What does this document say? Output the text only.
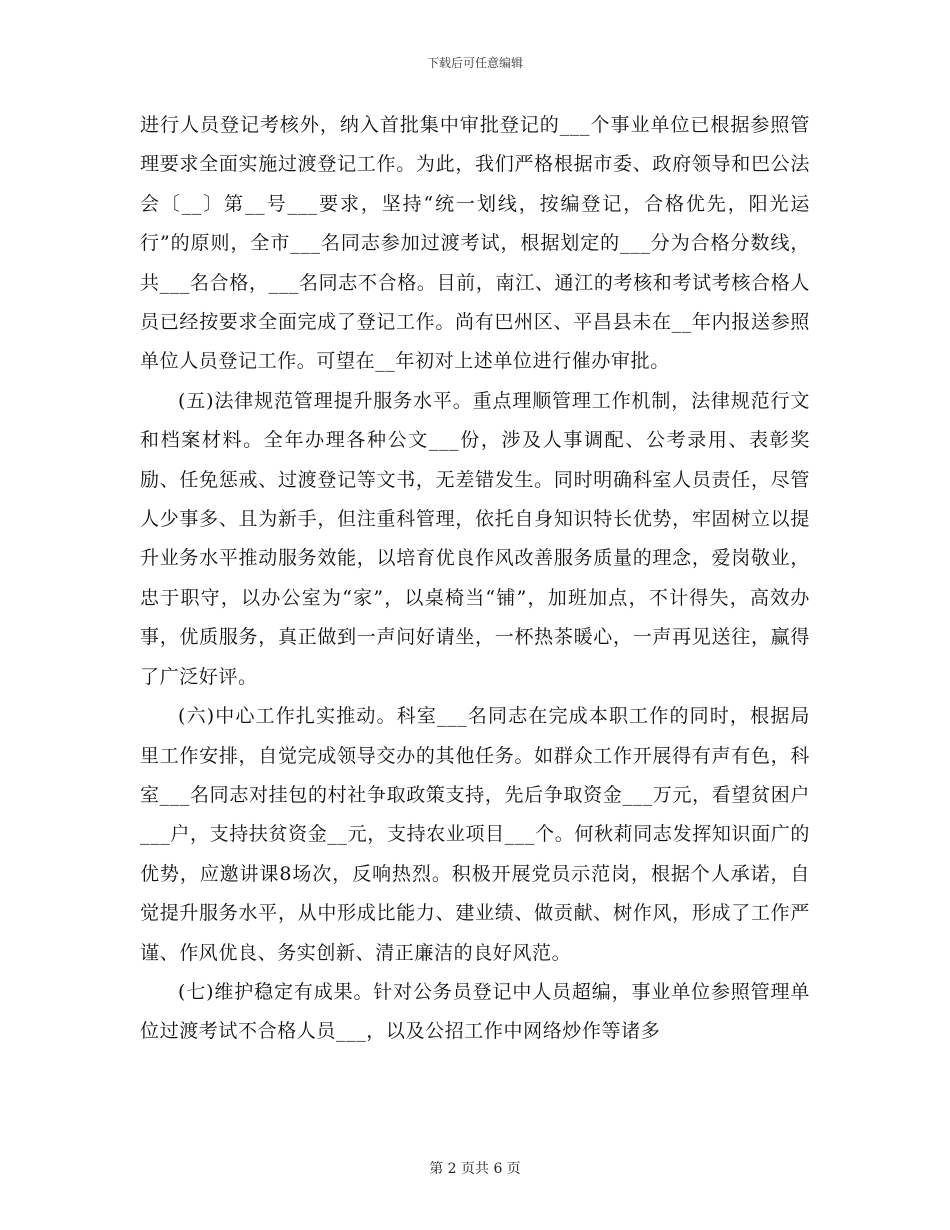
下载后可任意编辑

进行人员登记考核外，纳入首批集中审批登记的___个事业单位已根据参照管理要求全面实施过渡登记工作。为此，我们严格根据市委、政府领导和巴公法会〔__〕第__号___要求，坚持“统一划线，按编登记，合格优先，阳光运行”的原则，全市___名同志参加过渡考试，根据划定的___分为合格分数线，共___名合格，___名同志不合格。目前，南江、通江的考核和考试考核合格人员已经按要求全面完成了登记工作。尚有巴州区、平昌县未在__年内报送参照单位人员登记工作。可望在__年初对上述单位进行催办审批。

(五)法律规范管理提升服务水平。重点理顺管理工作机制，法律规范行文和档案材料。全年办理各种公文___份，涉及人事调配、公考录用、表彰奖励、任免惩戒、过渡登记等文书，无差错发生。同时明确科室人员责任，尽管人少事多、且为新手，但注重科管理，依托自身知识特长优势，牢固树立以提升业务水平推动服务效能，以培育优良作风改善服务质量的理念，爱岗敬业，忠于职守，以办公室为“家”，以桌椅当“铺”，加班加点，不计得失，高效办事，优质服务，真正做到一声问好请坐，一杯热茶暖心，一声再见送往，赢得了广泛好评。

(六)中心工作扎实推动。科室___名同志在完成本职工作的同时，根据局里工作安排，自觉完成领导交办的其他任务。如群众工作开展得有声有色，科室___名同志对挂包的村社争取政策支持，先后争取资金___万元，看望贫困户___户，支持扶贫资金__元，支持农业项目___个。何秋莉同志发挥知识面广的优势，应邀讲课8场次，反响热烈。积极开展党员示范岗，根据个人承诺，自觉提升服务水平，从中形成比能力、建业绩、做贡献、树作风，形成了工作严谨、作风优良、务实创新、清正廉洁的良好风范。

(七)维护稳定有成果。针对公务员登记中人员超编，事业单位参照管理单位过渡考试不合格人员___，以及公招工作中网络炒作等诸多

第 2 页共 6 页
